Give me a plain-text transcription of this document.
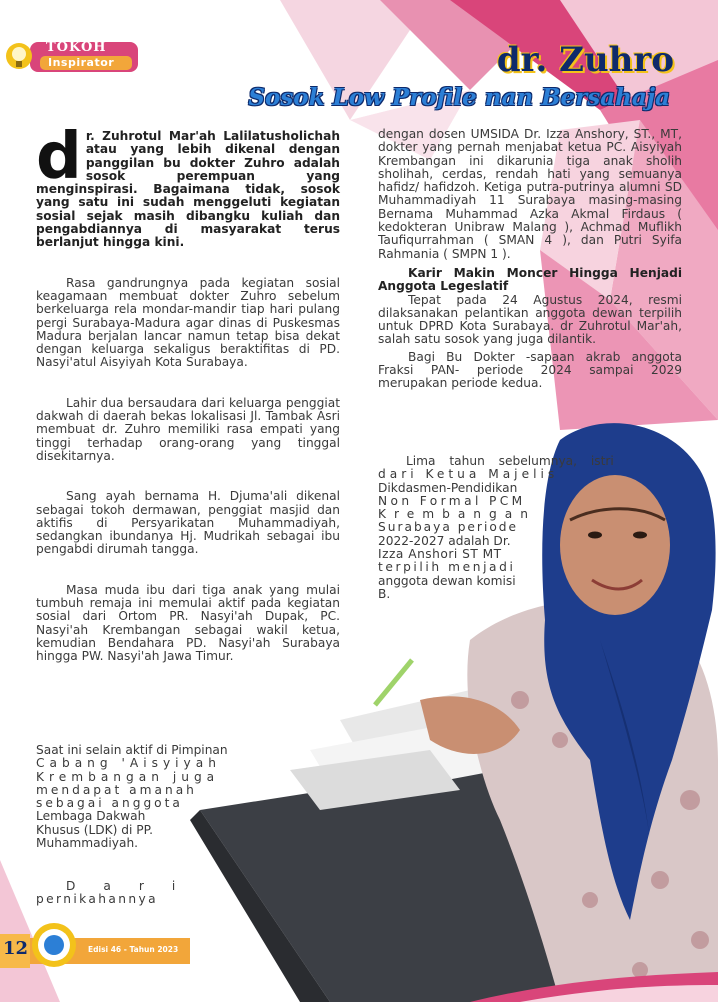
TOKOH
Inspirator	dr. Zuhro
Sosok Low Profile nan Bersahaja

dr. Zuhrotul Mar'ah Lalilatusholichah atau yang lebih dikenal dengan panggilan bu dokter Zuhro adalah sosok perempuan yang menginspirasi. Bagaimana tidak, sosok yang satu ini sudah menggeluti kegiatan sosial sejak masih dibangku kuliah dan pengabdiannya di masyarakat terus berlanjut hingga kini.

Rasa gandrungnya pada kegiatan sosial keagamaan membuat dokter Zuhro sebelum berkeluarga rela mondar-mandir tiap hari pulang pergi Surabaya-Madura agar dinas di Puskesmas Madura berjalan lancar namun tetap bisa dekat dengan keluarga sekaligus beraktifitas di PD. Nasyi'atul Aisyiyah Kota Surabaya.

Lahir dua bersaudara dari keluarga penggiat dakwah di daerah bekas lokalisasi Jl. Tambak Asri membuat dr. Zuhro memiliki rasa empati yang tinggi terhadap orang-orang yang tinggal disekitarnya.

Sang ayah bernama H. Djuma'ali dikenal sebagai tokoh dermawan, penggiat masjid dan aktifis di Persyarikatan Muhammadiyah, sedangkan ibundanya Hj. Mudrikah sebagai ibu pengabdi dirumah tangga.

Masa muda ibu dari tiga anak yang mulai tumbuh remaja ini memulai aktif pada kegiatan sosial dari Ortom PR. Nasyi'ah Dupak, PC. Nasyi'ah Krembangan sebagai wakil ketua, kemudian Bendahara PD. Nasyi'ah Surabaya hingga PW. Nasyi'ah Jawa Timur.

Saat ini selain aktif di Pimpinan
Cabang 'Aisyiyah
Krembangan juga
mendapat amanah
sebagai anggota
Lembaga Dakwah
Khusus (LDK) di PP.
Muhammadiyah.
Dari
pernikahannya

dengan dosen UMSIDA Dr. Izza Anshory, ST., MT, dokter yang pernah menjabat ketua PC. Aisyiyah Krembangan ini dikarunia tiga anak sholih sholihah, cerdas, rendah hati yang semuanya hafidz/ hafidzoh. Ketiga putra-putrinya alumni SD Muhammadiyah 11 Surabaya masing-masing Bernama Muhammad Azka Akmal Firdaus ( kedokteran Unibraw Malang ), Achmad Muflikh Taufiqurrahman ( SMAN 4 ), dan Putri Syifa Rahmania ( SMPN 1 ).

Karir Makin Moncer Hingga Henjadi Anggota Legeslatif

Tepat pada 24 Agustus 2024, resmi dilaksanakan pelantikan anggota dewan terpilih untuk DPRD Kota Surabaya. dr Zuhrotul Mar'ah, salah satu sosok yang juga dilantik.

Bagi Bu Dokter -sapaan akrab anggota Fraksi PAN- periode 2024 sampai 2029 merupakan periode kedua.

Lima tahun sebelumnya, istri
dari Ketua Majelis
Dikdasmen-Pendidikan
Non Formal PCM
Krembangan
Surabaya periode
2022-2027 adalah Dr.
Izza Anshori ST MT
terpilih menjadi
anggota dewan komisi
B.
12	Edisi 46 - Tahun 2023
